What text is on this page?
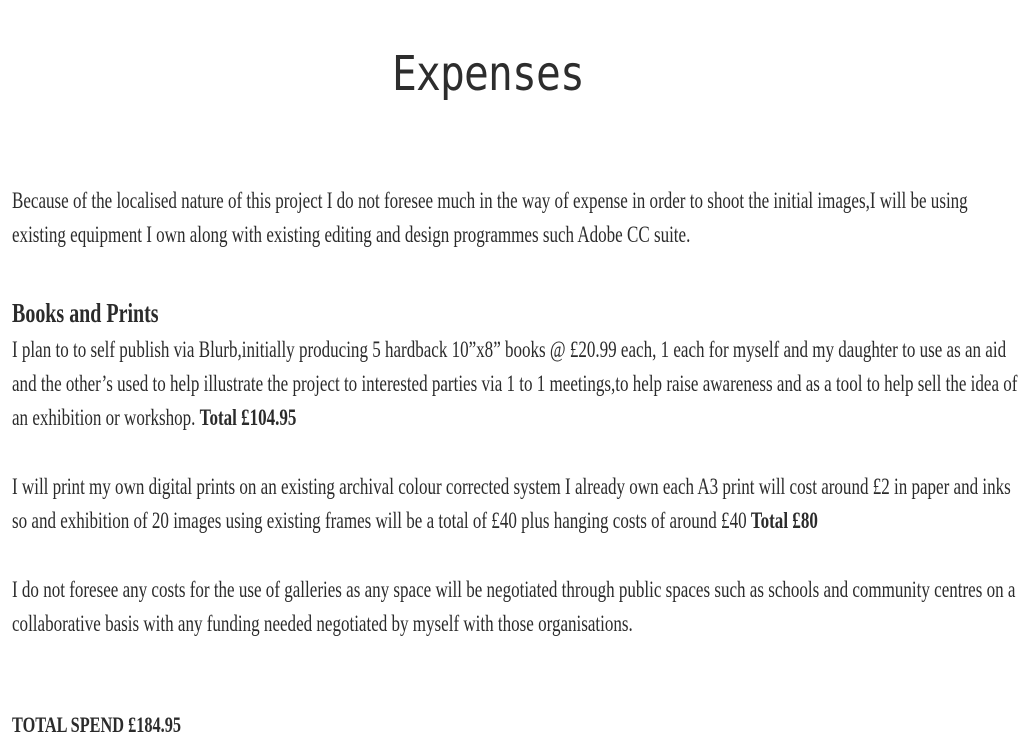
Expenses
Because of the localised nature of this project I do not foresee much in the way of expense in order to shoot the initial images,I will be using
existing equipment I own along with existing editing and design programmes such Adobe CC suite.
Books and Prints
I plan to to self publish via Blurb,initially producing 5 hardback 10”x8” books @ £20.99 each, 1 each for myself and my daughter to use as an aid
and the other’s used to help illustrate the project to interested parties via 1 to 1 meetings,to help raise awareness and as a tool to help sell the idea of
an exhibition or workshop. Total £104.95
I will print my own digital prints on an existing archival colour corrected system I already own each A3 print will cost around £2 in paper and inks
so and exhibition of 20 images using existing frames will be a total of £40 plus hanging costs of around £40 Total £80
I do not foresee any costs for the use of galleries as any space will be negotiated through public spaces such as schools and community centres on a
collaborative basis with any funding needed negotiated by myself with those organisations.
TOTAL SPEND £184.95
